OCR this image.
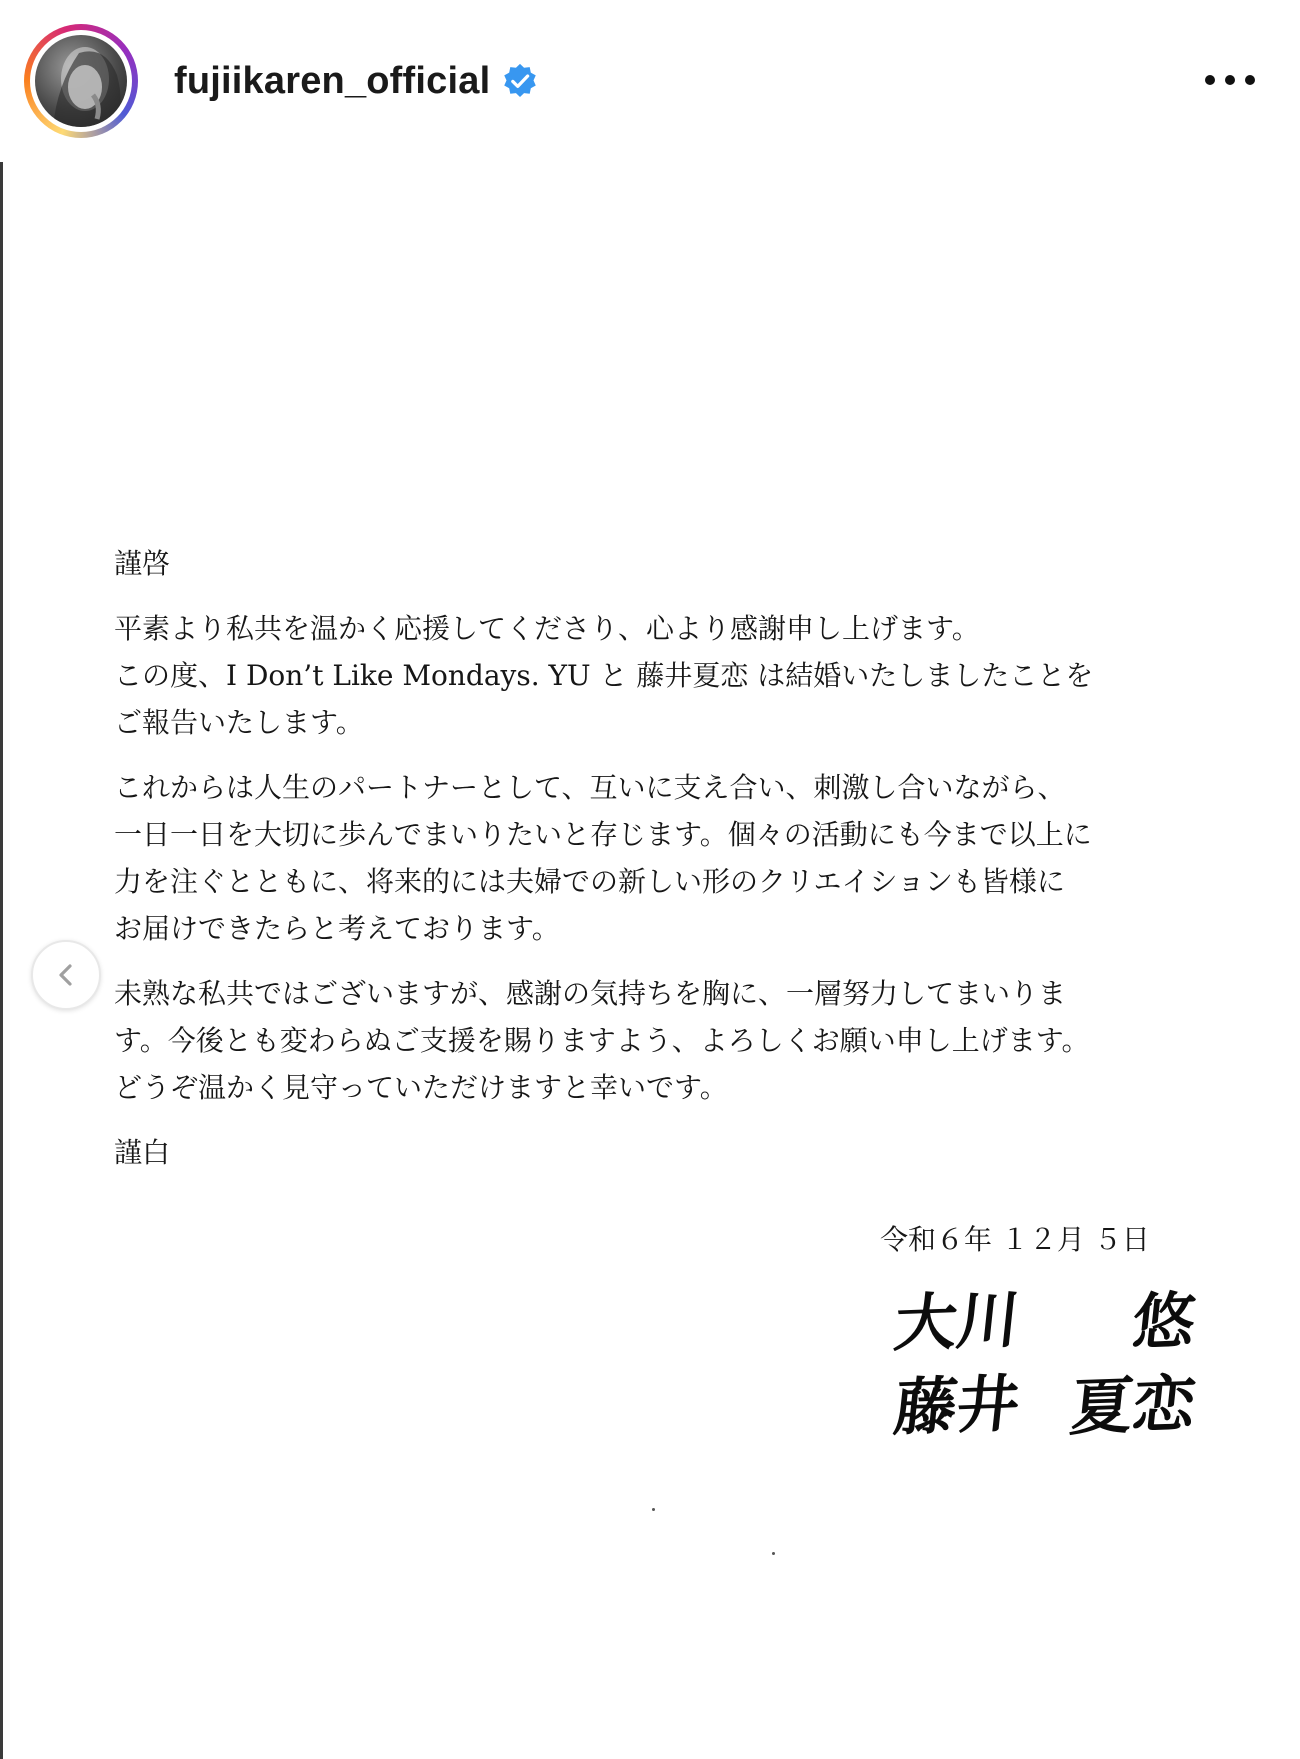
fujiikaren_official

謹啓

平素より私共を温かく応援してくださり、心より感謝申し上げます。

この度、I Don’t Like Mondays. YU と 藤井夏恋 は結婚いたしましたことを

ご報告いたします。

これからは人生のパートナーとして、互いに支え合い、刺激し合いながら、

一日一日を大切に歩んでまいりたいと存じます。個々の活動にも今まで以上に

力を注ぐとともに、将来的には夫婦での新しい形のクリエイションも皆様に

お届けできたらと考えております。

未熟な私共ではございますが、感謝の気持ちを胸に、一層努力してまいりま

す。今後とも変わらぬご支援を賜りますよう、よろしくお願い申し上げます。

どうぞ温かく見守っていただけますと幸いです。

謹白

令和６年 １２月 ５日
大川 悠
藤井 夏恋
